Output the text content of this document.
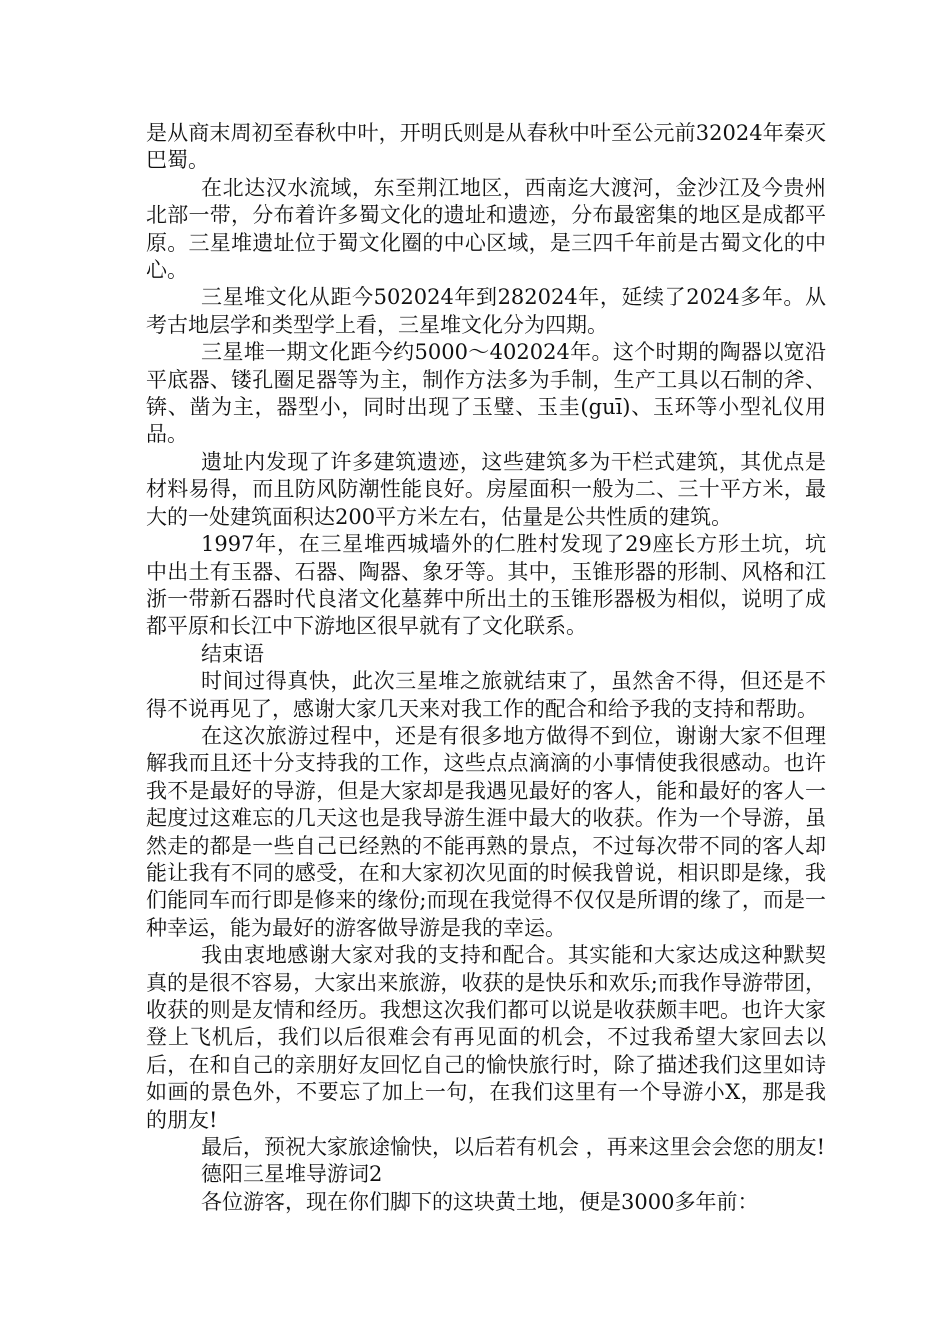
是从商末周初至春秋中叶，开明氏则是从春秋中叶至公元前32024年秦灭巴蜀。

在北达汉水流域，东至荆江地区，西南迄大渡河，金沙江及今贵州北部一带，分布着许多蜀文化的遗址和遗迹，分布最密集的地区是成都平原。三星堆遗址位于蜀文化圈的中心区域，是三四千年前是古蜀文化的中心。

三星堆文化从距今502024年到282024年，延续了2024多年。从考古地层学和类型学上看，三星堆文化分为四期。

三星堆一期文化距今约5000～402024年。这个时期的陶器以宽沿平底器、镂孔圈足器等为主，制作方法多为手制，生产工具以石制的斧、锛、凿为主，器型小，同时出现了玉璧、玉圭(guī)、玉环等小型礼仪用品。

遗址内发现了许多建筑遗迹，这些建筑多为干栏式建筑，其优点是材料易得，而且防风防潮性能良好。房屋面积一般为二、三十平方米，最大的一处建筑面积达200平方米左右，估量是公共性质的建筑。

1997年，在三星堆西城墙外的仁胜村发现了29座长方形土坑，坑中出土有玉器、石器、陶器、象牙等。其中，玉锥形器的形制、风格和江浙一带新石器时代良渚文化墓葬中所出土的玉锥形器极为相似，说明了成都平原和长江中下游地区很早就有了文化联系。

结束语

时间过得真快，此次三星堆之旅就结束了，虽然舍不得，但还是不得不说再见了，感谢大家几天来对我工作的配合和给予我的支持和帮助。

在这次旅游过程中，还是有很多地方做得不到位，谢谢大家不但理解我而且还十分支持我的工作，这些点点滴滴的小事情使我很感动。也许我不是最好的导游，但是大家却是我遇见最好的客人，能和最好的客人一起度过这难忘的几天这也是我导游生涯中最大的收获。作为一个导游，虽然走的都是一些自己已经熟的不能再熟的景点，不过每次带不同的客人却能让我有不同的感受，在和大家初次见面的时候我曾说，相识即是缘，我们能同车而行即是修来的缘份;而现在我觉得不仅仅是所谓的缘了，而是一种幸运，能为最好的游客做导游是我的幸运。

我由衷地感谢大家对我的支持和配合。其实能和大家达成这种默契真的是很不容易，大家出来旅游，收获的是快乐和欢乐;而我作导游带团，收获的则是友情和经历。我想这次我们都可以说是收获颇丰吧。也许大家登上飞机后，我们以后很难会有再见面的机会，不过我希望大家回去以后，在和自己的亲朋好友回忆自己的愉快旅行时，除了描述我们这里如诗如画的景色外，不要忘了加上一句，在我们这里有一个导游小X，那是我的朋友!

最后，预祝大家旅途愉快，以后若有机会 ，再来这里会会您的朋友!

德阳三星堆导游词2

各位游客，现在你们脚下的这块黄土地，便是3000多年前：
